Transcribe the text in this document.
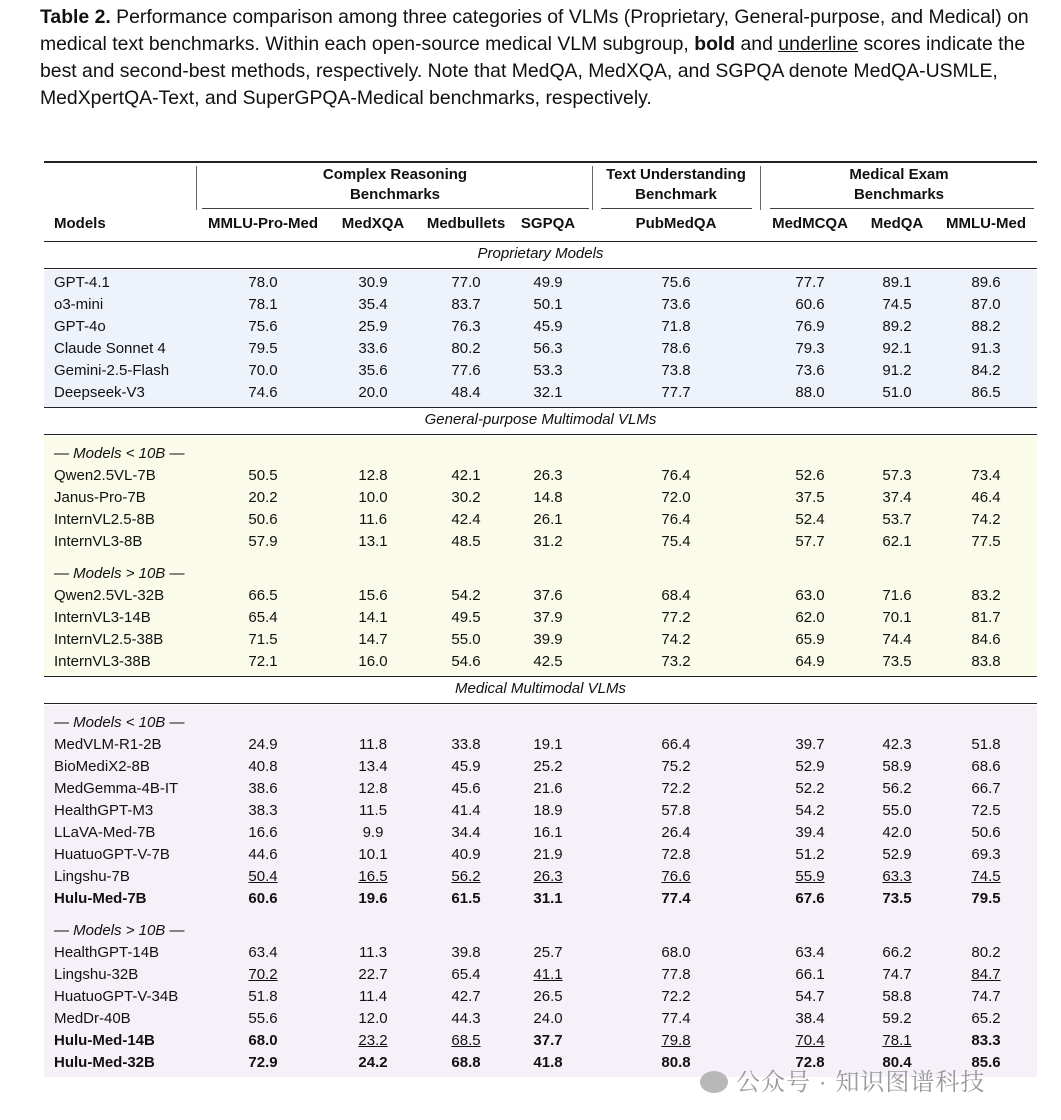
Table 2. Performance comparison among three categories of VLMs (Proprietary, General-purpose, and Medical) on medical text benchmarks. Within each open-source medical VLM subgroup, bold and underline scores indicate the best and second-best methods, respectively. Note that MedQA, MedXQA, and SGPQA denote MedQA-USMLE, MedXpertQA-Text, and SuperGPQA-Medical benchmarks, respectively.
Complex Reasoning
Benchmarks
Text Understanding
Benchmark
Medical Exam
Benchmarks
Models	MMLU-Pro-Med MedXQA Medbullets SGPQA	PubMedQA	MedMCQA MedQA MMLU-Med
Proprietary Models
GPT-4.1	78.0	30.9	77.0	49.9	75.6	77.7	89.1	89.6
o3-mini	78.1	35.4	83.7	50.1	73.6	60.6	74.5	87.0
GPT-4o	75.6	25.9	76.3	45.9	71.8	76.9	89.2	88.2
Claude Sonnet 4	79.5	33.6	80.2	56.3	78.6	79.3	92.1	91.3
Gemini-2.5-Flash	70.0	35.6	77.6	53.3	73.8	73.6	91.2	84.2
Deepseek-V3	74.6	20.0	48.4	32.1	77.7	88.0	51.0	86.5
General-purpose Multimodal VLMs
— Models < 10B —
Qwen2.5VL-7B	50.5	12.8	42.1	26.3	76.4	52.6	57.3	73.4
Janus-Pro-7B	20.2	10.0	30.2	14.8	72.0	37.5	37.4	46.4
InternVL2.5-8B	50.6	11.6	42.4	26.1	76.4	52.4	53.7	74.2
InternVL3-8B	57.9	13.1	48.5	31.2	75.4	57.7	62.1	77.5
— Models > 10B —
Qwen2.5VL-32B	66.5	15.6	54.2	37.6	68.4	63.0	71.6	83.2
InternVL3-14B	65.4	14.1	49.5	37.9	77.2	62.0	70.1	81.7
InternVL2.5-38B	71.5	14.7	55.0	39.9	74.2	65.9	74.4	84.6
InternVL3-38B	72.1	16.0	54.6	42.5	73.2	64.9	73.5	83.8
Medical Multimodal VLMs
— Models < 10B —
MedVLM-R1-2B	24.9	11.8	33.8	19.1	66.4	39.7	42.3	51.8
BioMediX2-8B	40.8	13.4	45.9	25.2	75.2	52.9	58.9	68.6
MedGemma-4B-IT	38.6	12.8	45.6	21.6	72.2	52.2	56.2	66.7
HealthGPT-M3	38.3	11.5	41.4	18.9	57.8	54.2	55.0	72.5
LLaVA-Med-7B	16.6	9.9	34.4	16.1	26.4	39.4	42.0	50.6
HuatuoGPT-V-7B	44.6	10.1	40.9	21.9	72.8	51.2	52.9	69.3
Lingshu-7B	50.4	16.5	56.2	26.3	76.6	55.9	63.3	74.5
Hulu-Med-7B	60.6	19.6	61.5	31.1	77.4	67.6	73.5	79.5
— Models > 10B —
HealthGPT-14B	63.4	11.3	39.8	25.7	68.0	63.4	66.2	80.2
Lingshu-32B	70.2	22.7	65.4	41.1	77.8	66.1	74.7	84.7
HuatuoGPT-V-34B	51.8	11.4	42.7	26.5	72.2	54.7	58.8	74.7
MedDr-40B	55.6	12.0	44.3	24.0	77.4	38.4	59.2	65.2
Hulu-Med-14B	68.0	23.2	68.5	37.7	79.8	70.4	78.1	83.3
Hulu-Med-32B	72.9	24.2	68.8	41.8	80.8	72.8	80.4	85.6
公众号 · 知识图谱科技
